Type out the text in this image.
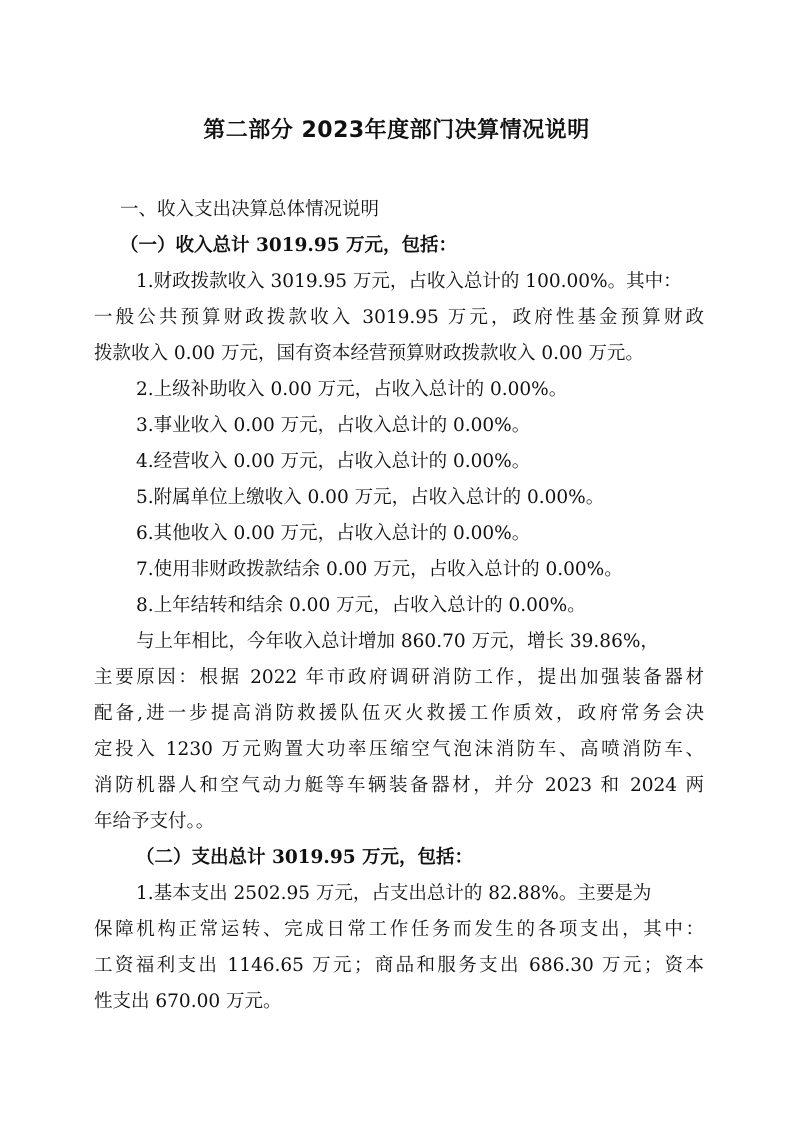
第二部分 2023年度部门决算情况说明
一、收入支出决算总体情况说明
（一）收入总计 3019.95 万元，包括：
1.财政拨款收入 3019.95 万元，占收入总计的 100.00%。其中：
一般公共预算财政拨款收入 3019.95 万元，政府性基金预算财政
拨款收入 0.00 万元，国有资本经营预算财政拨款收入 0.00 万元。
2.上级补助收入 0.00 万元，占收入总计的 0.00%。
3.事业收入 0.00 万元，占收入总计的 0.00%。
4.经营收入 0.00 万元，占收入总计的 0.00%。
5.附属单位上缴收入 0.00 万元，占收入总计的 0.00%。
6.其他收入 0.00 万元，占收入总计的 0.00%。
7.使用非财政拨款结余 0.00 万元，占收入总计的 0.00%。
8.上年结转和结余 0.00 万元，占收入总计的 0.00%。
与上年相比，今年收入总计增加 860.70 万元，增长 39.86%，
主要原因：根据 2022 年市政府调研消防工作，提出加强装备器材
配备,进一步提高消防救援队伍灭火救援工作质效，政府常务会决
定投入 1230 万元购置大功率压缩空气泡沫消防车、高喷消防车、
消防机器人和空气动力艇等车辆装备器材，并分 2023 和 2024 两
年给予支付。。
（二）支出总计 3019.95 万元，包括：
1.基本支出 2502.95 万元，占支出总计的 82.88%。主要是为
保障机构正常运转、完成日常工作任务而发生的各项支出，其中：
工资福利支出 1146.65 万元；商品和服务支出 686.30 万元；资本
性支出 670.00 万元。
